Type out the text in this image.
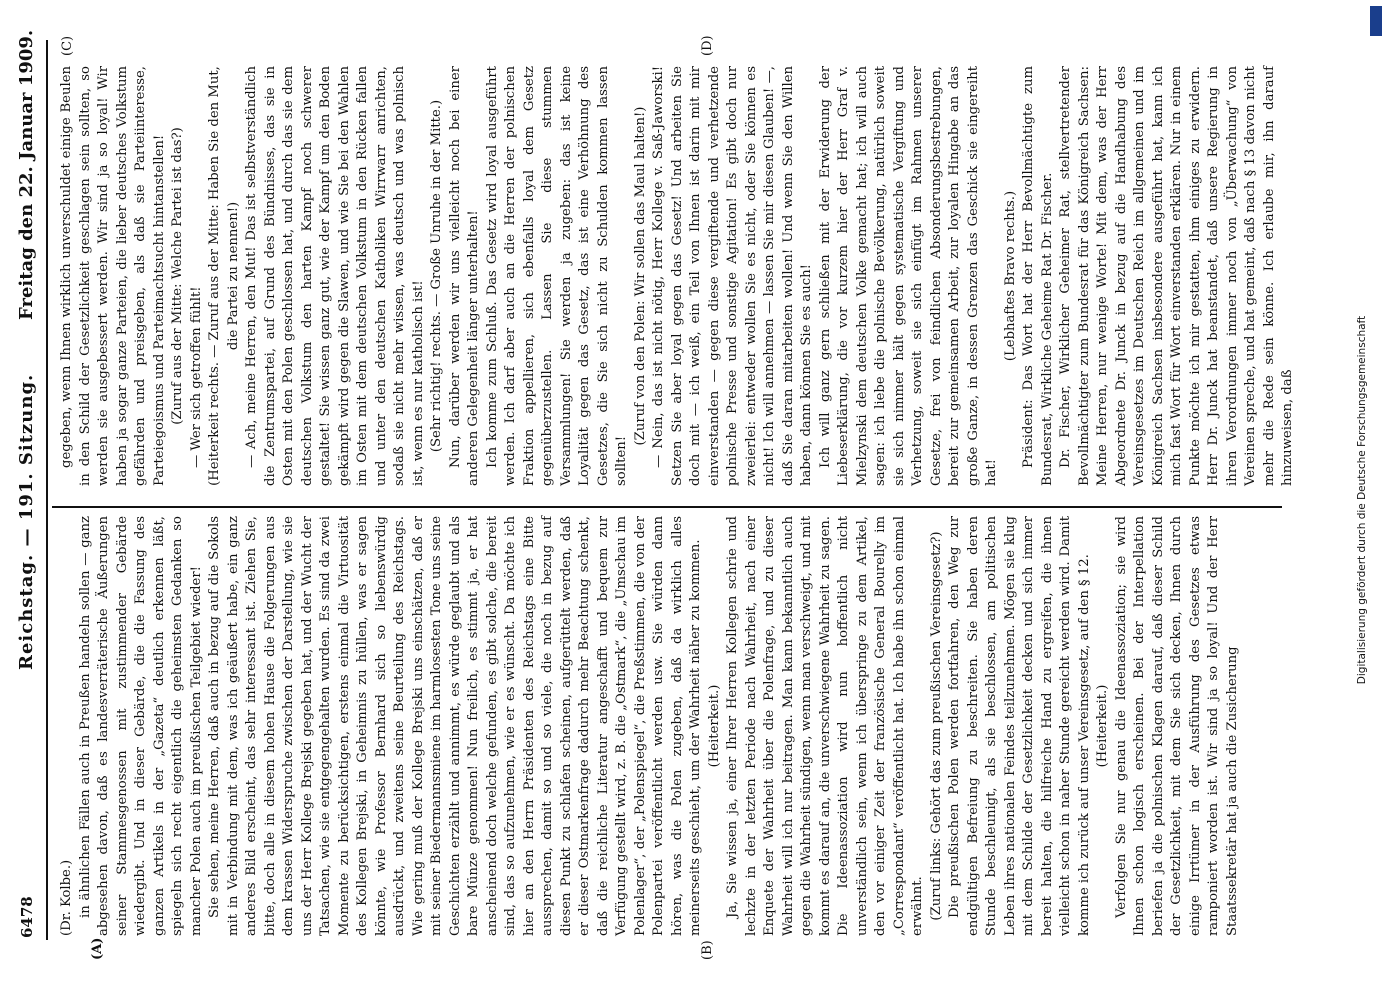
6478
Reichstag. — 191. Sitzung.
Freitag den 22. Januar 1909.
(A)	(B)
(C)	(D)

(Dr. Kolbe.) in ähnlichen Fällen auch in Preußen handeln sollen — ganz abgesehen davon, daß es landesverräterische Äußerungen seiner Stammesgenossen mit zustimmender Gebärde wiedergibt. Und in dieser Gebärde, die die Fassung des ganzen Artikels in der „Gazeta“ deutlich erkennen läßt, spiegeln sich recht eigentlich die geheimsten Gedanken so mancher Polen auch im preußischen Teilgebiet wieder! Sie sehen, meine Herren, daß auch in bezug auf die Sokols mit in Verbindung mit dem, was ich geäußert habe, ein ganz anderes Bild erscheint, das sehr interessant ist. Ziehen Sie, bitte, doch alle in diesem hohen Hause die Folgerungen aus dem krassen Widerspruche zwischen der Darstellung, wie sie uns der Herr Kollege Brejski gegeben hat, und der Wucht der Tatsachen, wie sie entgegengehalten wurden. Es sind da zwei Momente zu berücksichtigen, erstens einmal die Virtuosität des Kollegen Brejski, in Geheimnis zu hüllen, was er sagen könnte, wie Professor Bernhard sich so liebenswürdig ausdrückt, und zweitens seine Beurteilung des Reichstags. Wie gering muß der Kollege Brejski uns einschätzen, daß er mit seiner Biedermannsmiene im harmlosesten Tone uns seine Geschichten erzählt und annimmt, es würde geglaubt und als bare Münze genommen! Nun freilich, es stimmt ja, er hat anscheinend doch welche gefunden, es gibt solche, die bereit sind, das so aufzunehmen, wie er es wünscht. Da möchte ich hier an den Herrn Präsidenten des Reichstags eine Bitte aussprechen, damit so und so viele, die noch in bezug auf diesen Punkt zu schlafen scheinen, aufgerüttelt werden, daß er dieser Ostmarkenfrage dadurch mehr Beachtung schenkt, daß die reichliche Literatur angeschafft und bequem zur Verfügung gestellt wird, z. B. die „Ostmark“, die „Umschau im Polenlager“, der „Polenspiegel“, die Preßstimmen, die von der Polenpartei veröffentlicht werden usw. Sie würden dann hören, was die Polen zugeben, daß da wirklich alles meinerseits geschieht, um der Wahrheit näher zu kommen. (Heiterkeit.) Ja, Sie wissen ja, einer Ihrer Herren Kollegen schrie und lechzte in der letzten Periode nach Wahrheit, nach einer Enquete der Wahrheit über die Polenfrage, und zu dieser Wahrheit will ich nur beitragen. Man kann bekanntlich auch gegen die Wahrheit sündigen, wenn man verschweigt, und mit kommt es darauf an, die unverschwiegene Wahrheit zu sagen. Die Ideenassoziation wird nun hoffentlich nicht unverständlich sein, wenn ich überspringe zu dem Artikel, den vor einiger Zeit der französische General Bourelly im „Correspondant“ veröffentlicht hat. Ich habe ihn schon einmal erwähnt. (Zuruf links: Gehört das zum preußischen Vereinsgesetz?) Die preußischen Polen werden fortfahren, den Weg zur endgültigen Befreiung zu beschreiten. Sie haben deren Stunde beschleunigt, als sie beschlossen, am politischen Leben ihres nationalen Feindes teilzunehmen. Mögen sie klug mit dem Schilde der Gesetzlichkeit decken und sich immer bereit halten, die hilfreiche Hand zu ergreifen, die ihnen vielleicht schon in naher Stunde gereicht werden wird. Damit komme ich zurück auf unser Vereinsgesetz, auf den § 12. (Heiterkeit.) Verfolgen Sie nur genau die Ideenassoziation; sie wird Ihnen schon logisch erscheinen. Bei der Interpellation beriefen ja die polnischen Klagen darauf, daß dieser Schild der Gesetzlichkeit, mit dem Sie sich decken, Ihnen durch einige Irrtümer in der Ausführung des Gesetzes etwas ramponiert worden ist. Wir sind ja so loyal! Und der Herr Staatssekretär hat ja auch die Zusicherung

gegeben, wenn Ihnen wirklich unverschuldet einige Beulen in den Schild der Gesetzlichkeit geschlagen sein sollten, so werden sie ausgebessert werden. Wir sind ja so loyal! Wir haben ja sogar ganze Parteien, die lieber deutsches Volkstum gefährden und preisgeben, als daß sie Parteiinteresse, Parteiegoismus und Parteimachtsucht hintanstellen! (Zuruf aus der Mitte: Welche Partei ist das?) — Wer sich getroffen fühlt! (Heiterkeit rechts. — Zuruf aus der Mitte: Haben Sie den Mut, die Partei zu nennen!) — Ach, meine Herren, den Mut! Das ist selbstverständlich die Zentrumspartei, auf Grund des Bündnisses, das sie in Osten mit den Polen geschlossen hat, und durch das sie dem deutschen Volkstum den harten Kampf noch schwerer gestaltet! Sie wissen ganz gut, wie der Kampf um den Boden gekämpft wird gegen die Slawen, und wie Sie bei den Wahlen im Osten mit dem deutschen Volkstum in den Rücken fallen und unter den deutschen Katholiken Wirrwarr anrichten, sodaß sie nicht mehr wissen, was deutsch und was polnisch ist, wenn es nur katholisch ist! (Sehr richtig! rechts. — Große Unruhe in der Mitte.) Nun, darüber werden wir uns vielleicht noch bei einer anderen Gelegenheit länger unterhalten! Ich komme zum Schluß. Das Gesetz wird loyal ausgeführt werden. Ich darf aber auch an die Herren der polnischen Fraktion appellieren, sich ebenfalls loyal dem Gesetz gegenüberzustellen. Lassen Sie diese stummen Versammlungen! Sie werden ja zugeben: das ist keine Loyalität gegen das Gesetz, das ist eine Verhöhnung des Gesetzes, die Sie sich nicht zu Schulden kommen lassen sollten!

(Zuruf von den Polen: Wir sollen das Maul halten!) — Nein, das ist nicht nötig, Herr Kollege v. Saß-Jaworski! Setzen Sie aber loyal gegen das Gesetz! Und arbeiten Sie doch mit — ich weiß, ein Teil von Ihnen ist darin mit mir einverstanden — gegen diese vergiftende und verhetzende polnische Presse und sonstige Agitation! Es gibt doch nur zweierlei: entweder wollen Sie es nicht, oder Sie können es nicht! Ich will annehmen — lassen Sie mir diesen Glauben! —, daß Sie daran mitarbeiten wollen! Und wenn Sie den Willen haben, dann können Sie es auch! Ich will ganz gern schließen mit der Erwiderung der Liebeserklärung, die vor kurzem hier der Herr Graf v. Mielzynski dem deutschen Volke gemacht hat; ich will auch sagen: ich liebe die polnische Bevölkerung, natürlich soweit sie sich nimmer hält gegen systematische Vergiftung und Verhetzung, soweit sie sich einfügt im Rahmen unserer Gesetze, frei von feindlichen Absonderungsbestrebungen, bereit zur gemeinsamen Arbeit, zur loyalen Hingabe an das große Ganze, in dessen Grenzen das Geschick sie eingereiht hat!

(Lebhaftes Bravo rechts.) Präsident: Das Wort hat der Herr Bevollmächtigte zum Bundesrat, Wirkliche Geheime Rat Dr. Fischer. Dr. Fischer, Wirklicher Geheimer Rat, stellvertretender Bevollmächtigter zum Bundesrat für das Königreich Sachsen: Meine Herren, nur wenige Worte! Mit dem, was der Herr Abgeordnete Dr. Junck in bezug auf die Handhabung des Vereinsgesetzes im Deutschen Reich im allgemeinen und im Königreich Sachsen insbesondere ausgeführt hat, kann ich mich fast Wort für Wort einverstanden erklären. Nur in einem Punkte möchte ich mir gestatten, ihm einiges zu erwidern. Herr Dr. Junck hat beanstandet, daß unsere Regierung in ihren Verordnungen immer noch von „Überwachung“ von Vereinen spreche, und hat gemeint, daß nach § 13 davon nicht mehr die Rede sein könne. Ich erlaube mir, ihn darauf hinzuweisen, daß	Digitalisierung gefördert durch die Deutsche Forschungsgemeinschaft
